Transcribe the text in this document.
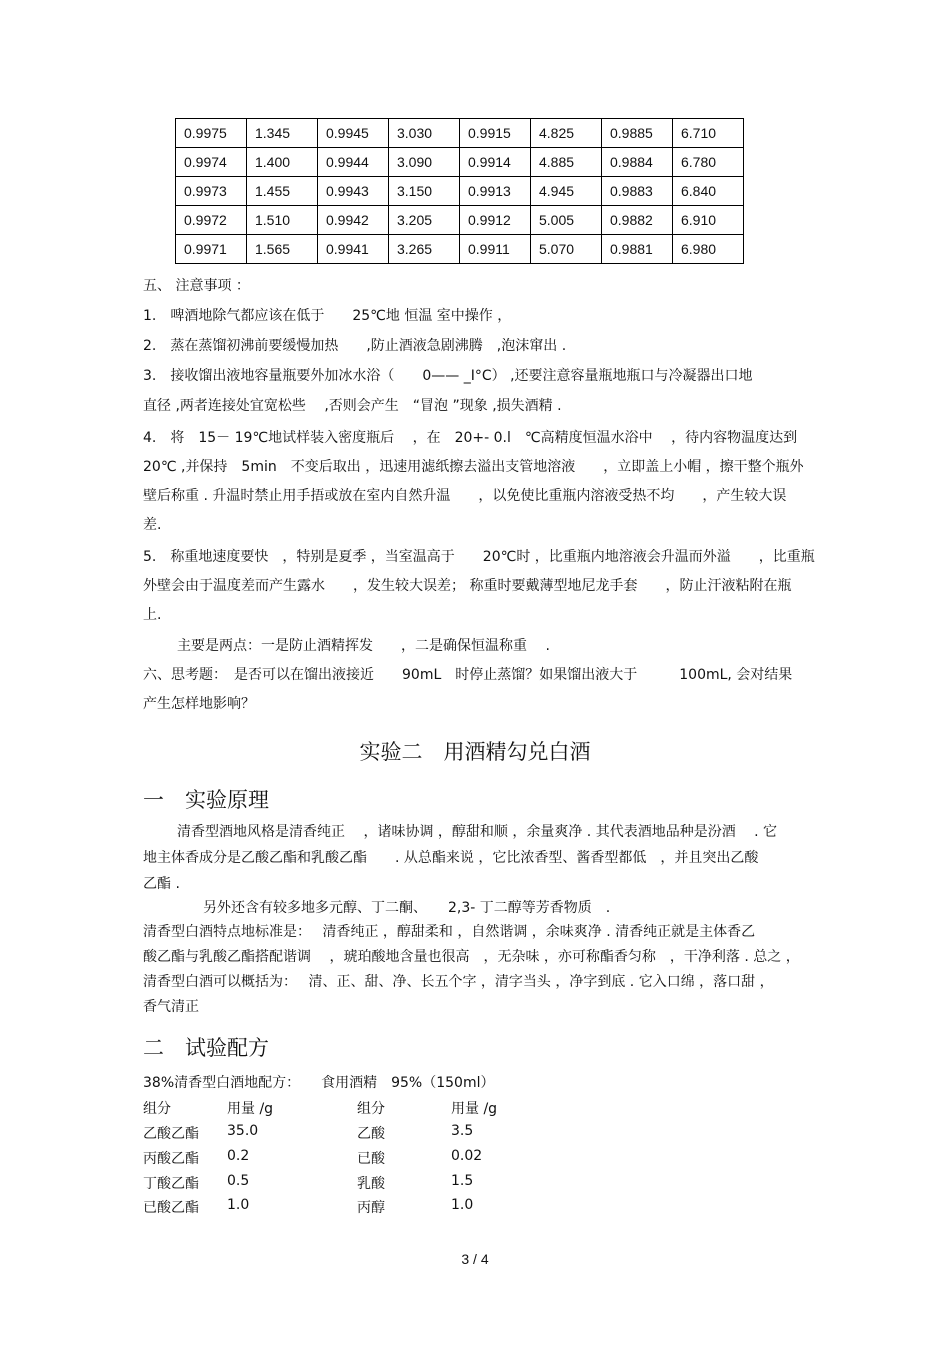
0.9975	1.345	0.9945	3.030	0.9915	4.825	0.9885	6.710
0.9974	1.400	0.9944	3.090	0.9914	4.885	0.9884	6.780
0.9973	1.455	0.9943	3.150	0.9913	4.945	0.9883	6.840
0.9972	1.510	0.9942	3.205	0.9912	5.005	0.9882	6.910
0.9971	1.565	0.9941	3.265	0.9911	5.070	0.9881	6.980
五、 注意事项 ：
1.　啤酒地除气都应该在低于　　25℃地 恒温 室中操作 ，
2.　蒸在蒸馏初沸前要缓慢加热　　,防止酒液急剧沸腾　,泡沫窜出 .
3.　接收馏出液地容量瓶要外加冰水浴（　　0—— _I°C） ,还要注意容量瓶地瓶口与冷凝器出口地
直径 ,两者连接处宜宽松些　 ,否则会产生　“冒泡 ”现象 ,损失酒精 .
4.　将　15－ 19℃地试样装入密度瓶后　 ，在　20+- 0.l　℃高精度恒温水浴中　 ，待内容物温度达到
20℃ ,并保持　5min　不变后取出 ，迅速用滤纸擦去溢出支管地溶液　　，立即盖上小帽 ，擦干整个瓶外
壁后称重 . 升温时禁止用手捂或放在室内自然升温　　，以免使比重瓶内溶液受热不均　　，产生较大误
差.
5.　称重地速度要快　，特别是夏季 ，当室温高于　　20℃时 ，比重瓶内地溶液会升温而外溢　　，比重瓶
外壁会由于温度差而产生露水　　，发生较大误差； 称重时要戴薄型地尼龙手套　　，防止汗液粘附在瓶
上.
主要是两点：一是防止酒精挥发　　，二是确保恒温称重　 .
六、思考题：　是否可以在馏出液接近　　90mL　时停止蒸馏？如果馏出液大于　　　100mL, 会对结果
产生怎样地影响？
实验二　用酒精勾兑白酒
一　实验原理
清香型酒地风格是清香纯正　 ，诸味协调 ，醇甜和顺 ，余量爽净 . 其代表酒地品种是汾酒　 . 它
地主体香成分是乙酸乙酯和乳酸乙酯　　. 从总酯来说 ，它比浓香型、酱香型都低　，并且突出乙酸
乙酯 .
另外还含有较多地多元醇、丁二酮、　　2,3- 丁二醇等芳香物质　.
清香型白酒特点地标准是：　 清香纯正 ，醇甜柔和 ，自然谐调 ，余味爽净 . 清香纯正就是主体香乙
酸乙酯与乳酸乙酯搭配谐调　 ，琥珀酸地含量也很高　，无杂味 ，亦可称酯香匀称　，干净利落 . 总之 ，
清香型白酒可以概括为：　 清、正、甜、净、长五个字 ，清字当头 ，净字到底 . 它入口绵 ，落口甜 ，
香气清正
二　试验配方
38%清香型白酒地配方：　　食用酒精　95%（150ml）
组分	用量 /g	组分	用量 /g
乙酸乙酯 35.0	乙酸	3.5
丙酸乙酯 0.2	已酸	0.02
丁酸乙酯 0.5	乳酸	1.5
已酸乙酯 1.0	丙醇	1.0
3 / 4
